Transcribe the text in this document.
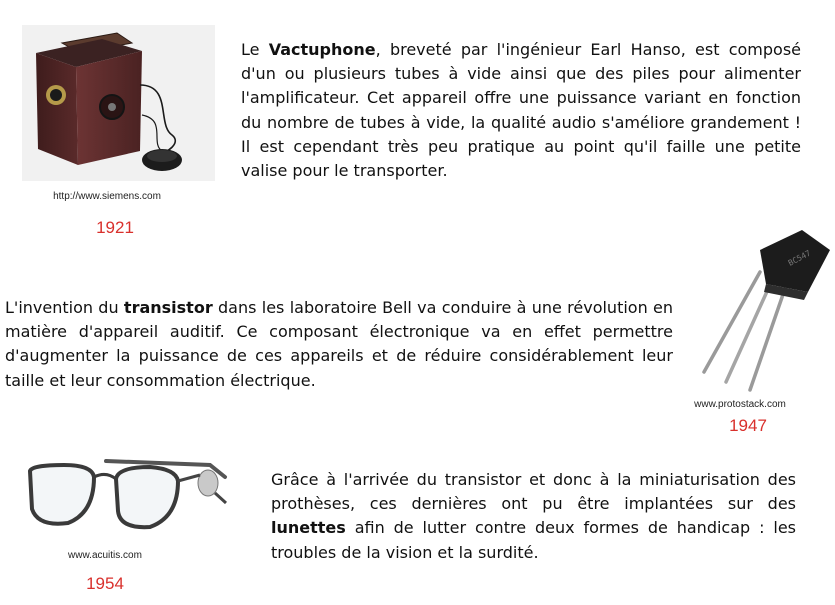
http://www.siemens.com
1921
Le Vactuphone, breveté par l'ingénieur Earl Hanso, est composé d'un ou plusieurs tubes à vide ainsi que des piles pour alimenter l'amplificateur. Cet appareil offre une puissance variant en fonction du nombre de tubes à vide, la qualité audio s'améliore grandement ! Il est cependant très peu pratique au point qu'il faille une petite valise pour le transporter.
L'invention du transistor dans les laboratoire Bell va conduire à une révolution en matière d'appareil auditif. Ce composant électronique va en effet permettre d'augmenter la puissance de ces appareils et de réduire considérablement leur taille et leur consommation électrique.
BC547
www.protostack.com
1947
www.acuitis.com
1954
Grâce à l'arrivée du transistor et donc à la miniaturisation des prothèses, ces dernières ont pu être implantées sur des lunettes afin de lutter contre deux formes de handicap : les troubles de la vision et la surdité.
